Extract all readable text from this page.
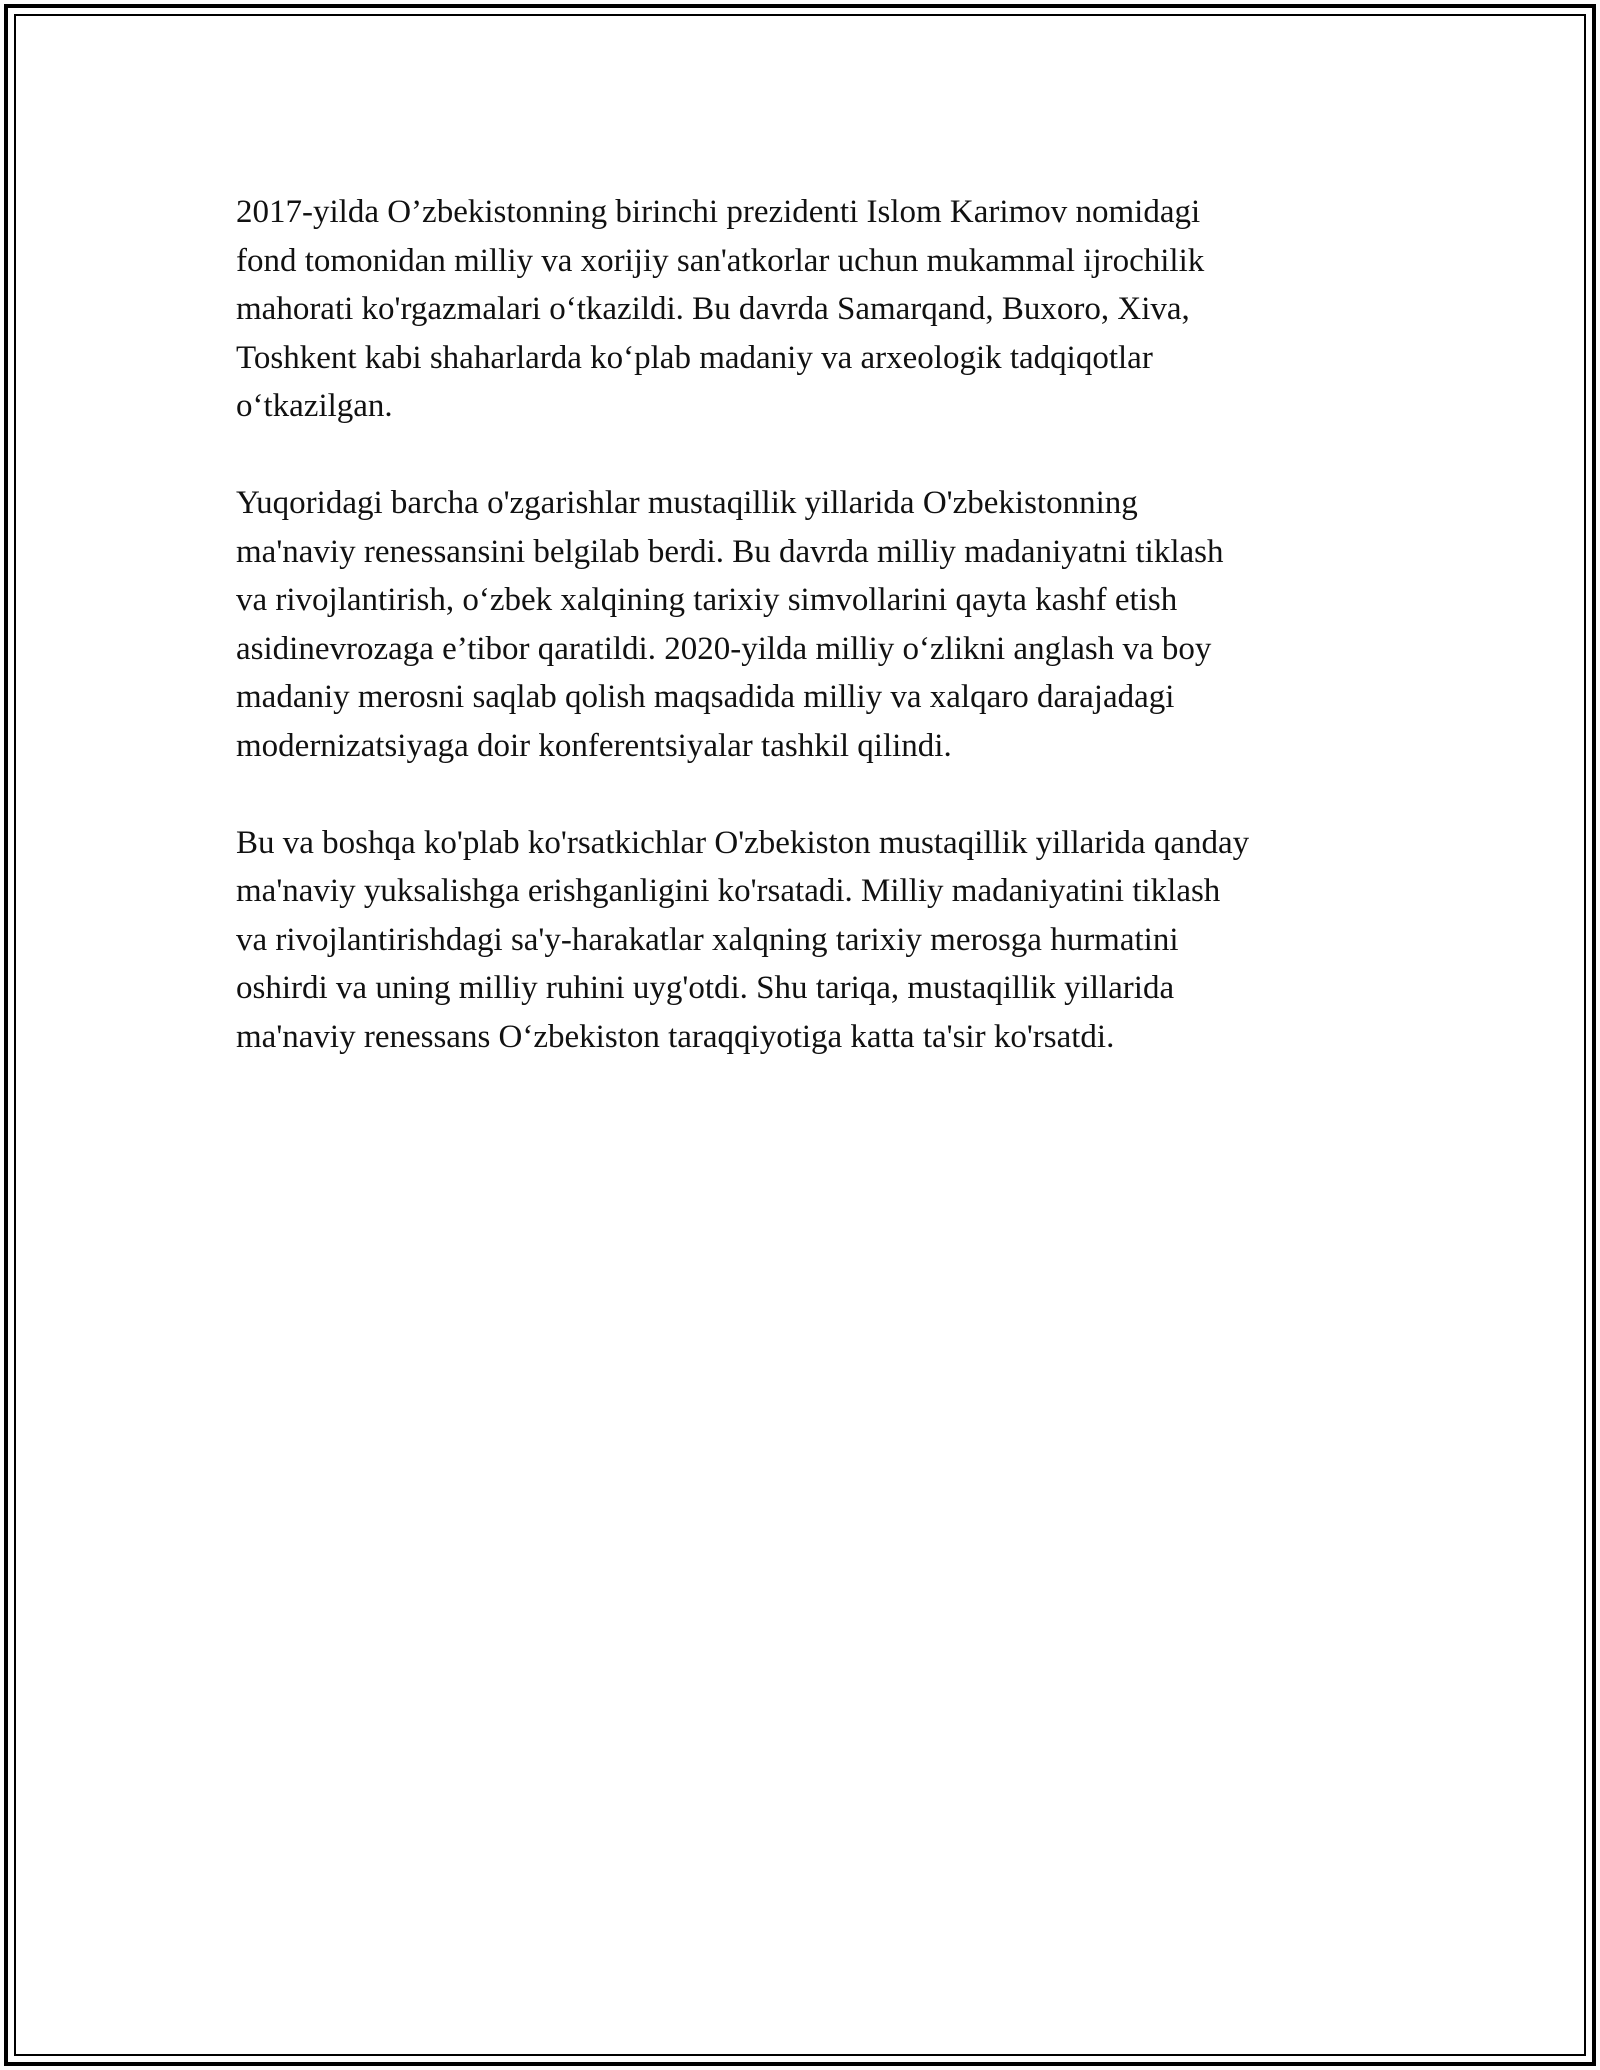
2017-yilda O’zbekistonning birinchi prezidenti Islom Karimov nomidagi
fond tomonidan milliy va xorijiy san'atkorlar uchun mukammal ijrochilik
mahorati ko'rgazmalari o‘tkazildi. Bu davrda Samarqand, Buxoro, Xiva,
Toshkent kabi shaharlarda ko‘plab madaniy va arxeologik tadqiqotlar
o‘tkazilgan.

Yuqoridagi barcha o'zgarishlar mustaqillik yillarida O'zbekistonning
ma'naviy renessansini belgilab berdi. Bu davrda milliy madaniyatni tiklash
va rivojlantirish, o‘zbek xalqining tarixiy simvollarini qayta kashf etish
asidinevrozaga e’tibor qaratildi. 2020-yilda milliy o‘zlikni anglash va boy
madaniy merosni saqlab qolish maqsadida milliy va xalqaro darajadagi
modernizatsiyaga doir konferentsiyalar tashkil qilindi.

Bu va boshqa ko'plab ko'rsatkichlar O'zbekiston mustaqillik yillarida qanday
ma'naviy yuksalishga erishganligini ko'rsatadi. Milliy madaniyatini tiklash
va rivojlantirishdagi sa'y-harakatlar xalqning tarixiy merosga hurmatini
oshirdi va uning milliy ruhini uyg'otdi. Shu tariqa, mustaqillik yillarida
ma'naviy renessans O‘zbekiston taraqqiyotiga katta ta'sir ko'rsatdi.
